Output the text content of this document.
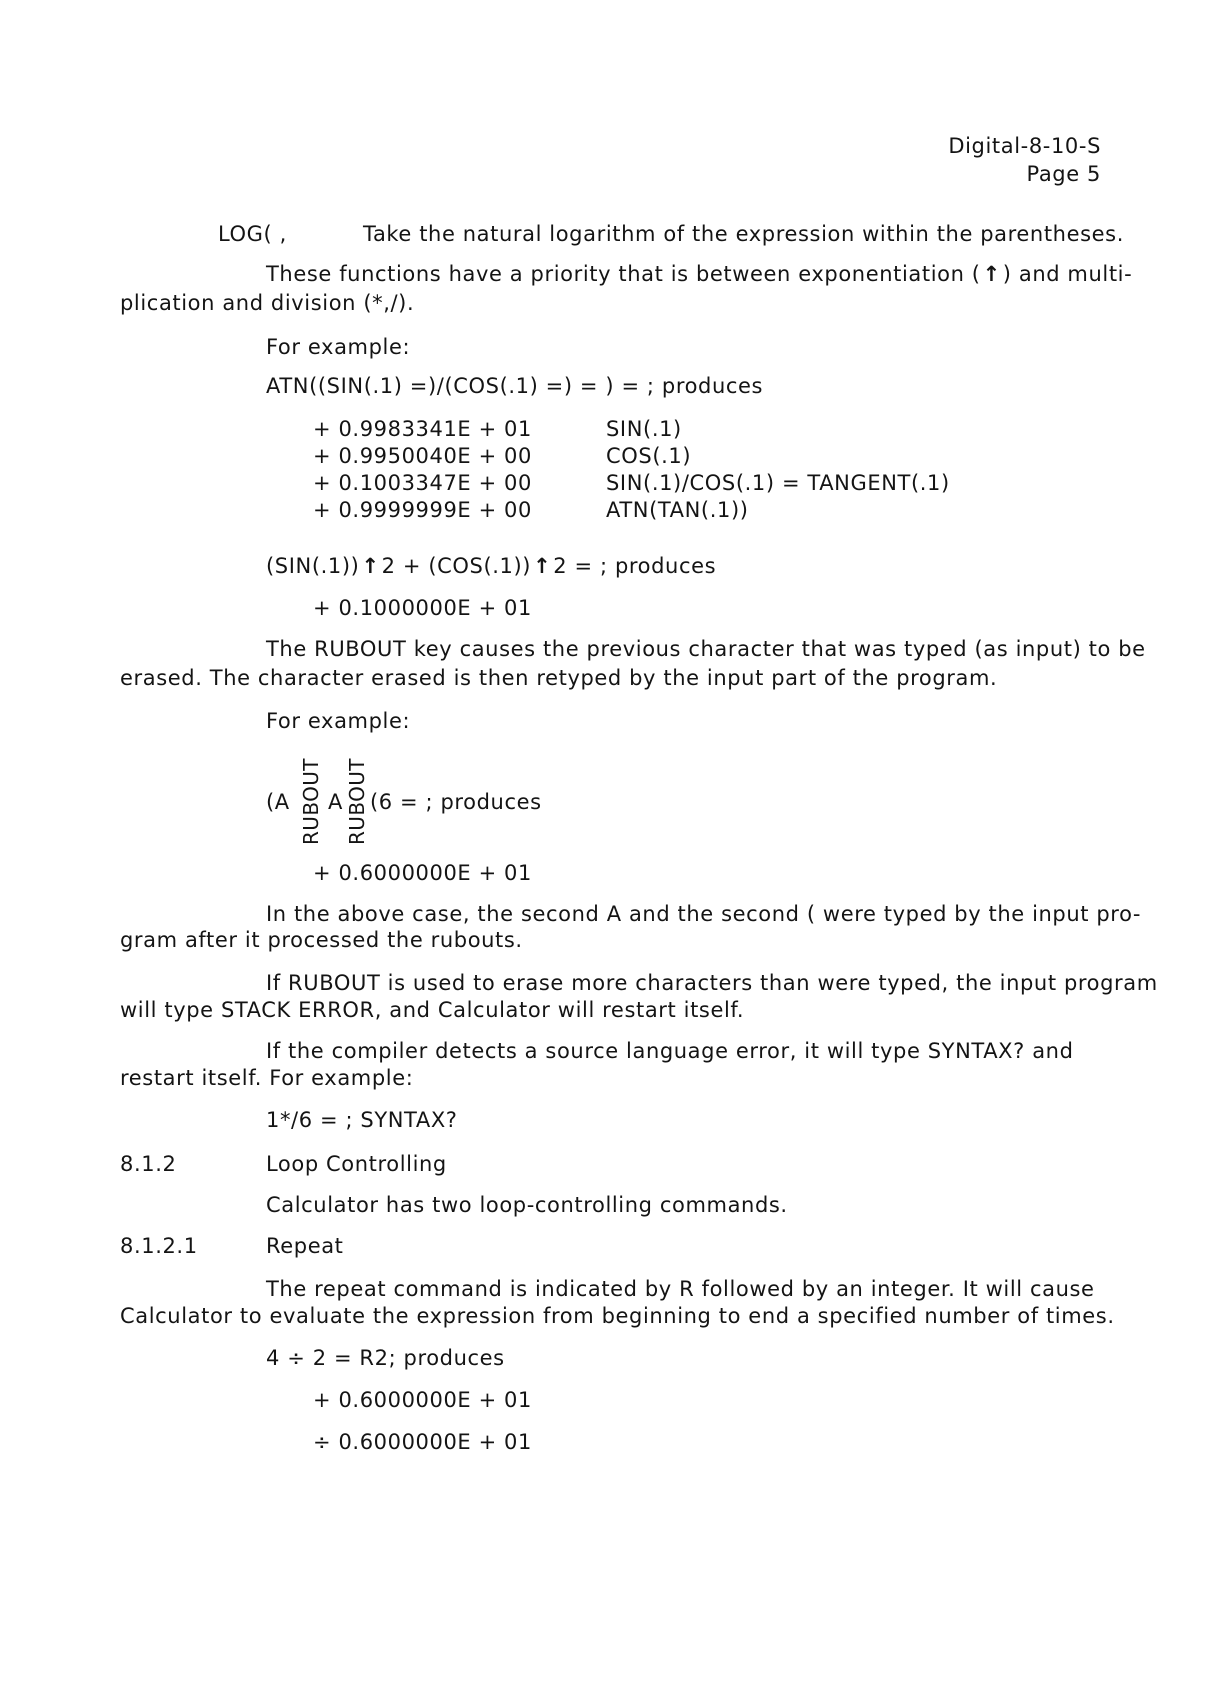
Digital-8-10-S
Page 5
LOG( ,	Take the natural logarithm of the expression within the parentheses.
These functions have a priority that is between exponentiation (↑) and multi-
plication and division (*,/).
For example:
ATN((SIN(.1) =)/(COS(.1) =) = ) = ; produces
+ 0.9983341E + 01	SIN(.1)
+ 0.9950040E + 00	COS(.1)
+ 0.1003347E + 00	SIN(.1)/COS(.1) = TANGENT(.1)
+ 0.9999999E + 00	ATN(TAN(.1))
(SIN(.1))↑2 + (COS(.1))↑2 = ; produces
+ 0.1000000E + 01
The RUBOUT key causes the previous character that was typed (as input) to be
erased. The character erased is then retyped by the input part of the program.
For example:
(A RUBOUT A RUBOUT (6 = ; produces
+ 0.6000000E + 01
In the above case, the second A and the second ( were typed by the input pro-
gram after it processed the rubouts.
If RUBOUT is used to erase more characters than were typed, the input program
will type STACK ERROR, and Calculator will restart itself.
If the compiler detects a source language error, it will type SYNTAX? and
restart itself. For example:
1*/6 = ; SYNTAX?
8.1.2	Loop Controlling
Calculator has two loop-controlling commands.
8.1.2.1	Repeat
The repeat command is indicated by R followed by an integer. It will cause
Calculator to evaluate the expression from beginning to end a specified number of times.
4 ÷ 2 = R2; produces
+ 0.6000000E + 01
÷ 0.6000000E + 01
